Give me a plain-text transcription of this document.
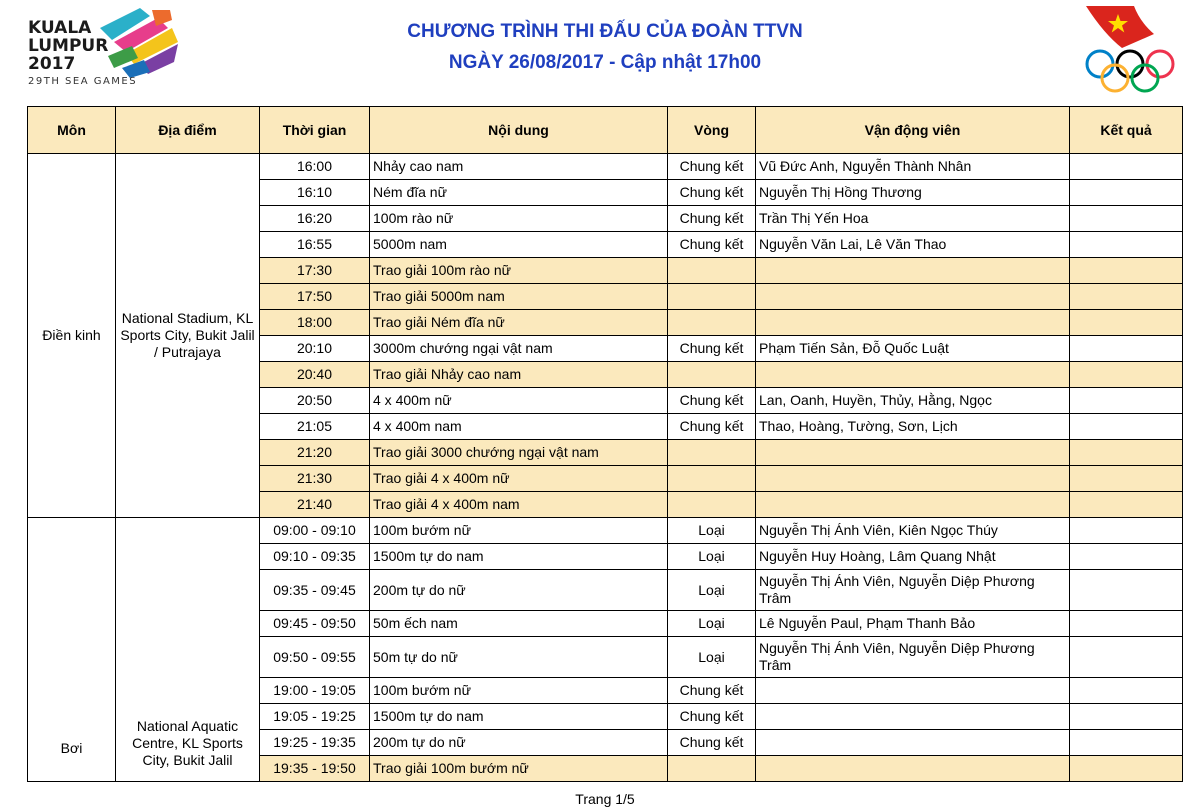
KUALA
LUMPUR
2017
29TH SEA GAMES
CHƯƠNG TRÌNH THI ĐẤU CỦA ĐOÀN TTVN
NGÀY 26/08/2017 - Cập nhật 17h00
Môn	Địa điểm	Thời gian	Nội dung	Vòng	Vận động viên	Kết quả
Điền kinh	National Stadium, KL Sports City, Bukit Jalil / Putrajaya	16:00	Nhảy cao nam	Chung kết	Vũ Đức Anh, Nguyễn Thành Nhân	
		16:10	Ném đĩa nữ	Chung kết	Nguyễn Thị Hồng Thương	
		16:20	100m rào nữ	Chung kết	Trần Thị Yến Hoa	
		16:55	5000m nam	Chung kết	Nguyễn Văn Lai, Lê Văn Thao	
		17:30	Trao giải 100m rào nữ			
		17:50	Trao giải 5000m nam			
		18:00	Trao giải Ném đĩa nữ			
		20:10	3000m chướng ngại vật nam	Chung kết	Phạm Tiến Sản, Đỗ Quốc Luật	
		20:40	Trao giải Nhảy cao nam			
		20:50	4 x 400m nữ	Chung kết	Lan, Oanh, Huyền, Thủy, Hằng, Ngọc	
		21:05	4 x 400m nam	Chung kết	Thao, Hoàng, Tường, Sơn, Lịch	
		21:20	Trao giải 3000 chướng ngại vật nam			
		21:30	Trao giải 4 x 400m nữ			
		21:40	Trao giải 4 x 400m nam			

Bơi	National Aquatic Centre, KL Sports City, Bukit Jalil	09:00 - 09:10	100m bướm nữ	Loại	Nguyễn Thị Ánh Viên, Kiên Ngọc Thúy	
		09:10 - 09:35	1500m tự do nam	Loại	Nguyễn Huy Hoàng, Lâm Quang Nhật	
		09:35 - 09:45	200m tự do nữ	Loại	Nguyễn Thị Ánh Viên, Nguyễn Diệp Phương Trâm	
		09:45 - 09:50	50m ếch nam	Loại	Lê Nguyễn Paul, Phạm Thanh Bảo	
		09:50 - 09:55	50m tự do nữ	Loại	Nguyễn Thị Ánh Viên, Nguyễn Diệp Phương Trâm	
		19:00 - 19:05	100m bướm nữ	Chung kết		
		19:05 - 19:25	1500m tự do nam	Chung kết		
		19:25 - 19:35	200m tự do nữ	Chung kết		
		19:35 - 19:50	Trao giải 100m bướm nữ			
Trang 1/5
